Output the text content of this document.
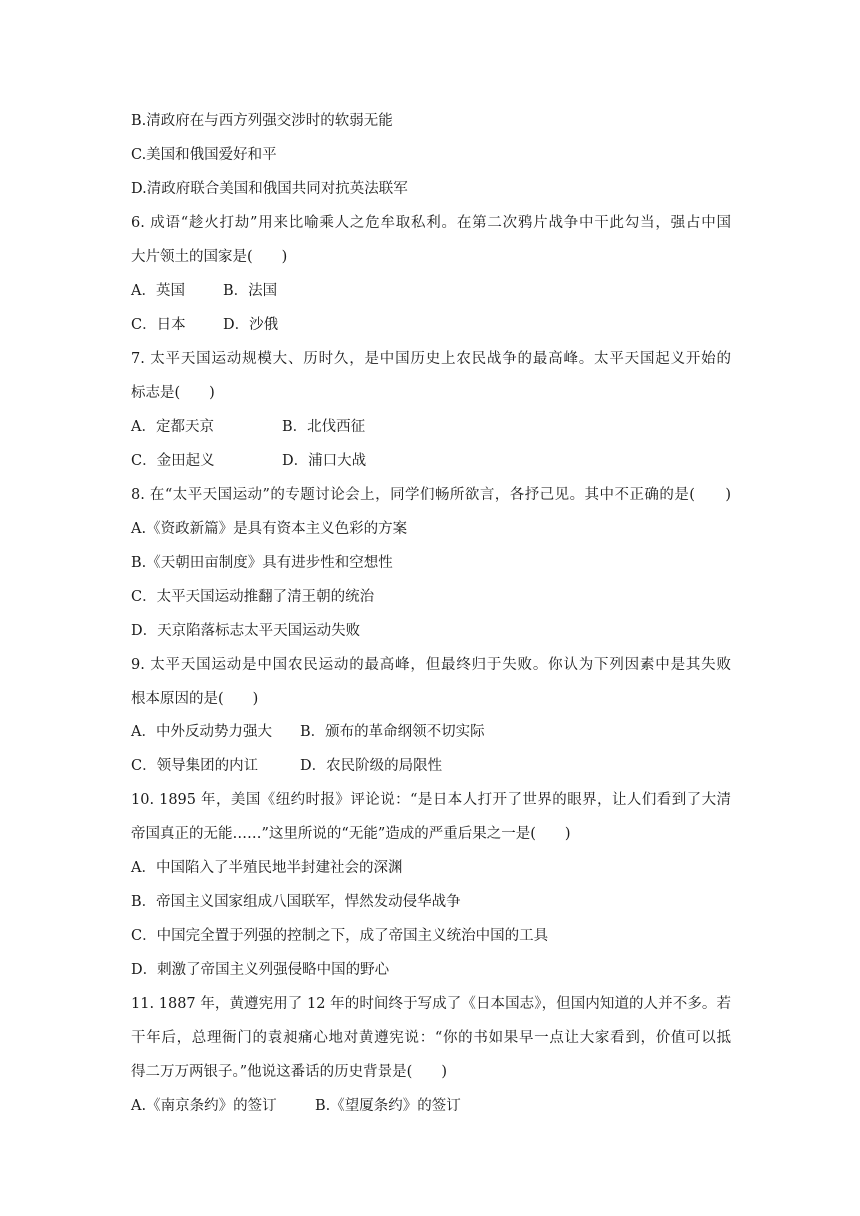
B.清政府在与西方列强交涉时的软弱无能
C.美国和俄国爱好和平
D.清政府联合美国和俄国共同对抗英法联军
6. 成语“趁火打劫”用来比喻乘人之危牟取私利。在第二次鸦片战争中干此勾当，强占中国
大片领土的国家是(　　)
A．英国	B．法国
C．日本	D．沙俄
7. 太平天国运动规模大、历时久，是中国历史上农民战争的最高峰。太平天国起义开始的
标志是(　　)
A．定都天京	B．北伐西征
C．金田起义	D．浦口大战
8. 在“太平天国运动”的专题讨论会上，同学们畅所欲言，各抒己见。其中不正确的是(　　)
A.《资政新篇》是具有资本主义色彩的方案
B.《天朝田亩制度》具有进步性和空想性
C．太平天国运动推翻了清王朝的统治
D．天京陷落标志太平天国运动失败
9. 太平天国运动是中国农民运动的最高峰，但最终归于失败。你认为下列因素中是其失败
根本原因的是(　　)
A．中外反动势力强大 B．颁布的革命纲领不切实际
C．领导集团的内讧	D．农民阶级的局限性
10. 1895 年，美国《纽约时报》评论说：“是日本人打开了世界的眼界，让人们看到了大清
帝国真正的无能……”这里所说的“无能”造成的严重后果之一是(　　)
A．中国陷入了半殖民地半封建社会的深渊
B．帝国主义国家组成八国联军，悍然发动侵华战争
C．中国完全置于列强的控制之下，成了帝国主义统治中国的工具
D．刺激了帝国主义列强侵略中国的野心
11. 1887 年，黄遵宪用了 12 年的时间终于写成了《日本国志》，但国内知道的人并不多。若
干年后，总理衙门的袁昶痛心地对黄遵宪说：“你的书如果早一点让大家看到，价值可以抵
得二万万两银子。”他说这番话的历史背景是(　　)
A.《南京条约》的签订	B.《望厦条约》的签订
